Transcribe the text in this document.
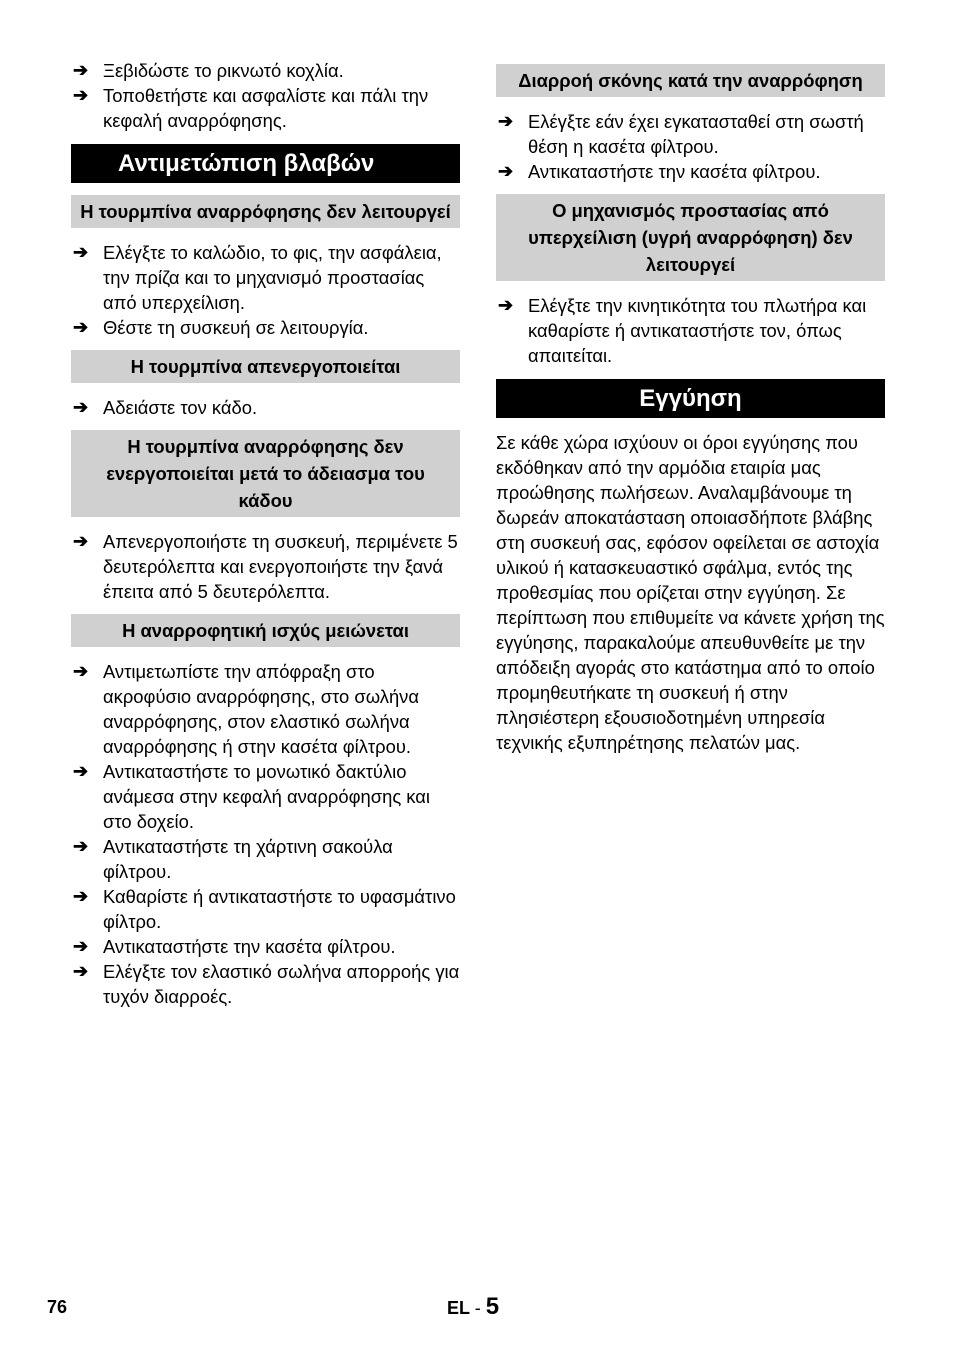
➔ Ξεβιδώστε το ρικνωτό κοχλία.

➔ Τοποθετήστε και ασφαλίστε και πάλι την κεφαλή αναρρόφησης.

Αντιμετώπιση βλαβών
Η τουρμπίνα αναρρόφησης δεν λειτουργεί

➔ Ελέγξτε το καλώδιο, το φις, την ασφάλεια, την πρίζα και το μηχανισμό προστασίας από υπερχείλιση.

➔ Θέστε τη συσκευή σε λειτουργία.

Η τουρμπίνα απενεργοποιείται

➔ Αδειάστε τον κάδο.

Η τουρμπίνα αναρρόφησης δεν ενεργοποιείται μετά το άδειασμα του κάδου

➔ Απενεργοποιήστε τη συσκευή, περιμένετε 5 δευτερόλεπτα και ενεργοποιήστε την ξανά έπειτα από 5 δευτερόλεπτα.

Η αναρροφητική ισχύς μειώνεται

➔ Αντιμετωπίστε την απόφραξη στο ακροφύσιο αναρρόφησης, στο σωλήνα αναρρόφησης, στον ελαστικό σωλήνα αναρρόφησης ή στην κασέτα φίλτρου.

➔ Αντικαταστήστε το μονωτικό δακτύλιο ανάμεσα στην κεφαλή αναρρόφησης και στο δοχείο.

➔ Αντικαταστήστε τη χάρτινη σακούλα φίλτρου.

➔ Καθαρίστε ή αντικαταστήστε το υφασμάτινο φίλτρο.

➔ Αντικαταστήστε την κασέτα φίλτρου.

➔ Ελέγξτε τον ελαστικό σωλήνα απορροής για τυχόν διαρροές.

Διαρροή σκόνης κατά την αναρρόφηση

➔ Ελέγξτε εάν έχει εγκατασταθεί στη σωστή θέση η κασέτα φίλτρου.

➔ Αντικαταστήστε την κασέτα φίλτρου.

Ο μηχανισμός προστασίας από υπερχείλιση (υγρή αναρρόφηση) δεν λειτουργεί

➔ Ελέγξτε την κινητικότητα του πλωτήρα και καθαρίστε ή αντικαταστήστε τον, όπως απαιτείται.

Εγγύηση

Σε κάθε χώρα ισχύουν οι όροι εγγύησης που εκδόθηκαν από την αρμόδια εταιρία μας προώθησης πωλήσεων. Αναλαμβάνουμε τη δωρεάν αποκατάσταση οποιασδήποτε βλάβης στη συσκευή σας, εφόσον οφείλεται σε αστοχία υλικού ή κατασκευαστικό σφάλμα, εντός της προθεσμίας που ορίζεται στην εγγύηση. Σε περίπτωση που επιθυμείτε να κάνετε χρήση της εγγύησης, παρακαλούμε απευθυνθείτε με την απόδειξη αγοράς στο κατάστημα από το οποίο προμηθευτήκατε τη συσκευή ή στην πλησιέστερη εξουσιοδοτημένη υπηρεσία τεχνικής εξυπηρέτησης πελατών μας.

76	EL - 5
